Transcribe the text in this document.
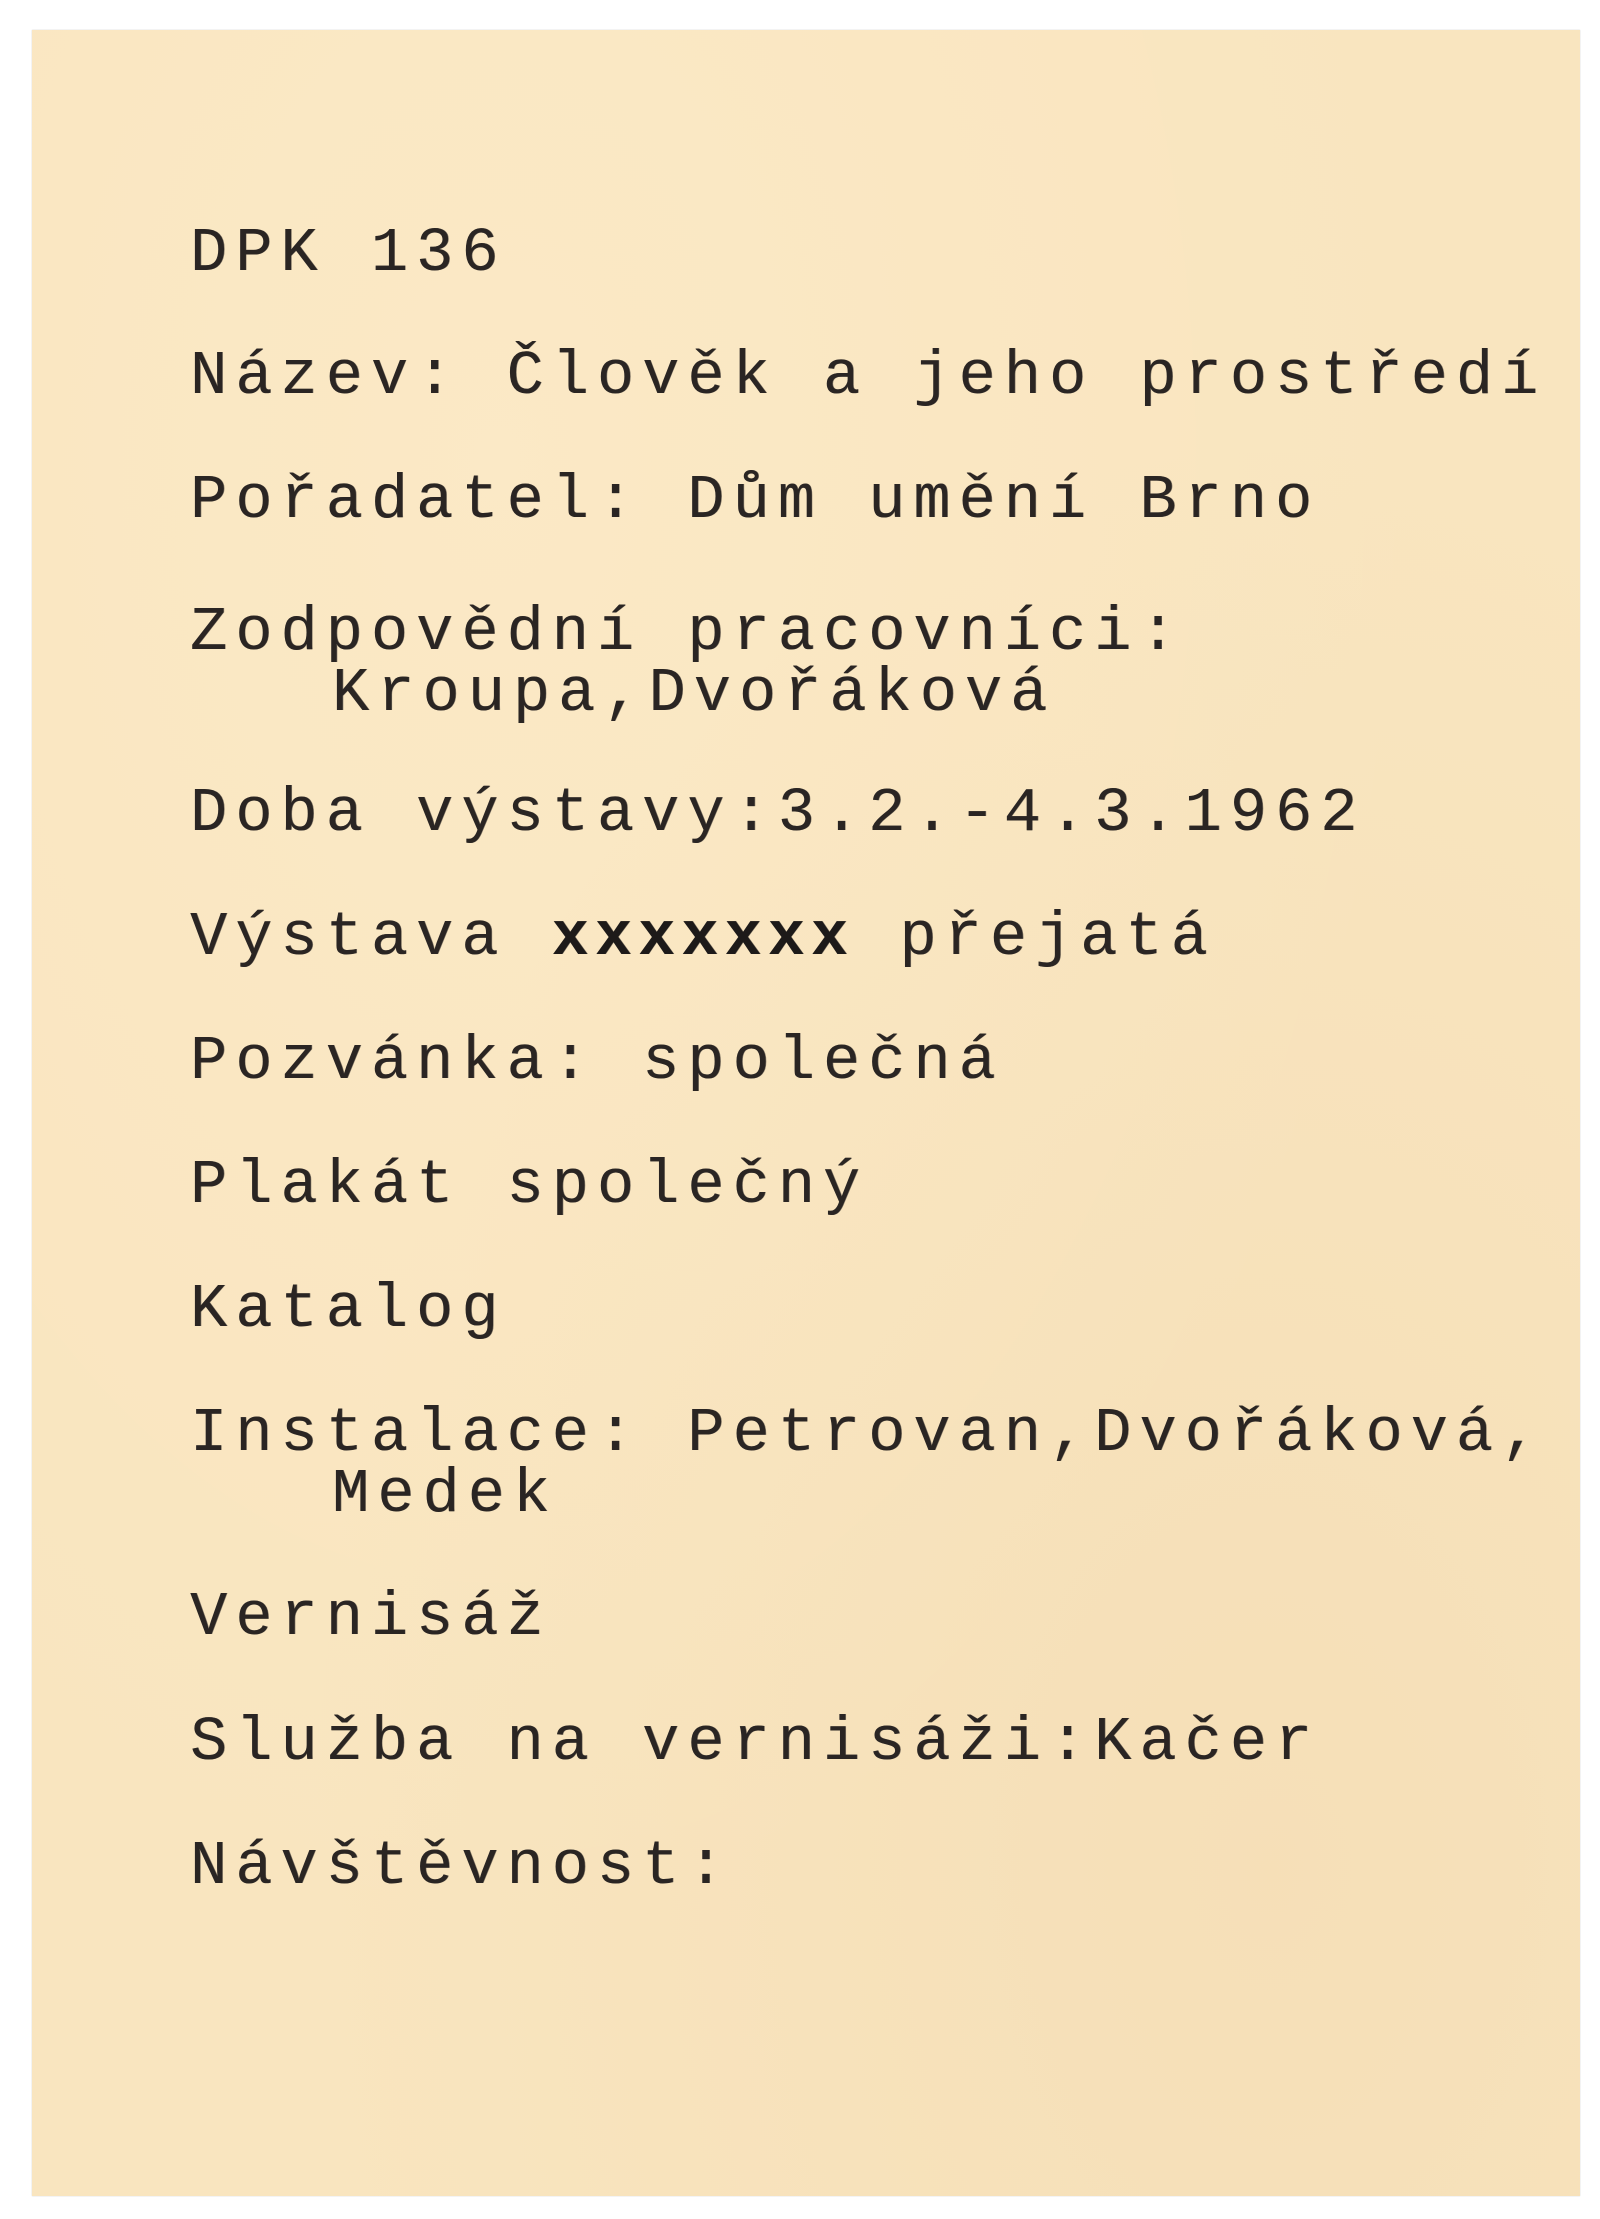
DPK 136

Název: Člověk a jeho prostředí

Pořadatel: Dům umění Brno

Zodpovědní pracovníci:

Kroupa,Dvořáková

Doba výstavy:3.2.-4.3.1962

Výstava xxxxxxx přejatá

Pozvánka: společná

Plakát společný

Katalog

Instalace: Petrovan,Dvořáková,

Medek

Vernisáž

Služba na vernisáži:Kačer

Návštěvnost:
